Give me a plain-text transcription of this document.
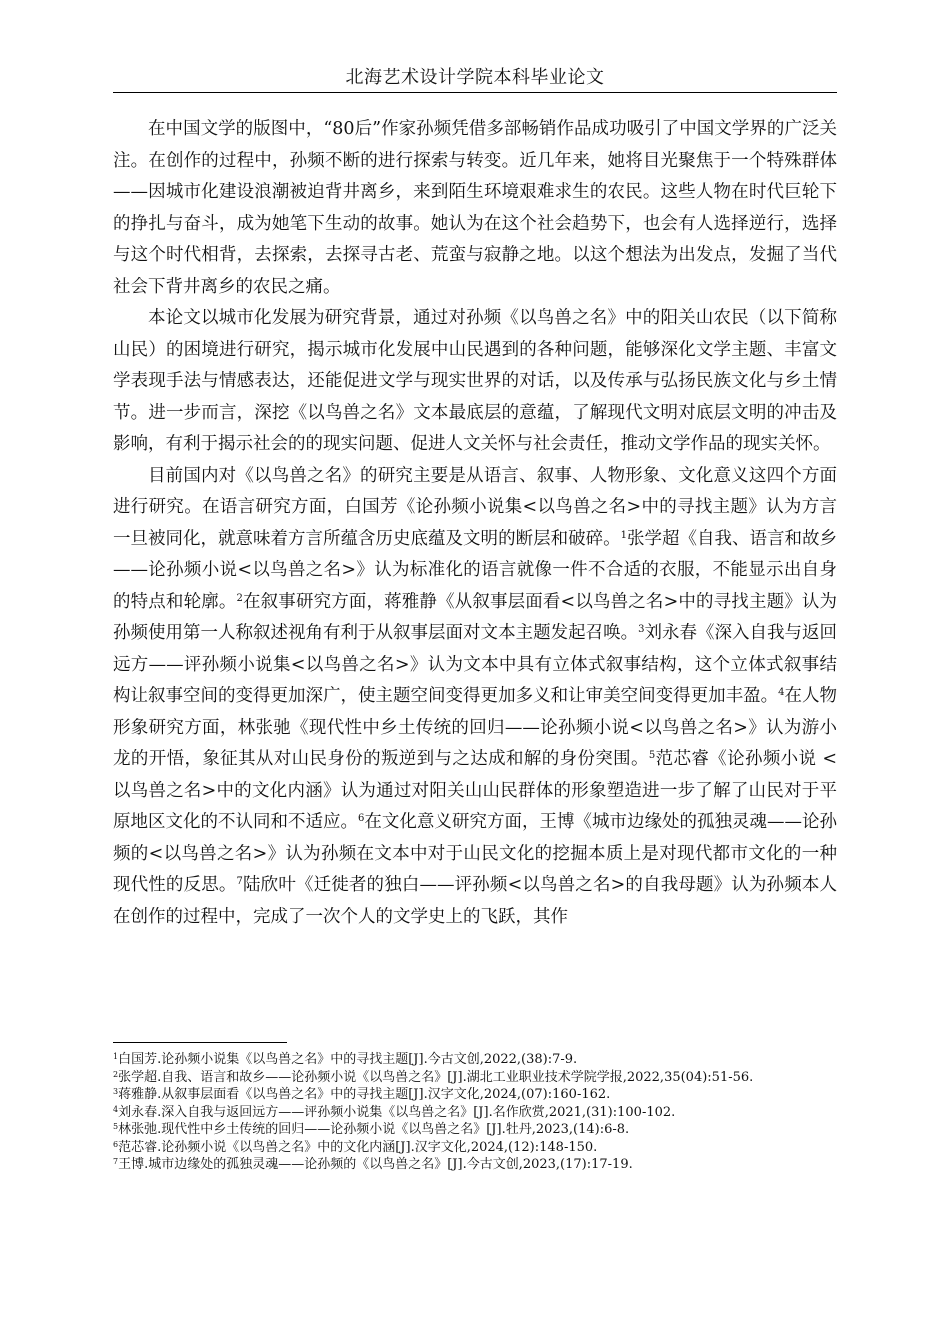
北海艺术设计学院本科毕业论文

在中国文学的版图中，“80后”作家孙频凭借多部畅销作品成功吸引了中国文学界的广泛关注。在创作的过程中，孙频不断的进行探索与转变。近几年来，她将目光聚焦于一个特殊群体——因城市化建设浪潮被迫背井离乡，来到陌生环境艰难求生的农民。这些人物在时代巨轮下的挣扎与奋斗，成为她笔下生动的故事。她认为在这个社会趋势下，也会有人选择逆行，选择与这个时代相背，去探索，去探寻古老、荒蛮与寂静之地。以这个想法为出发点，发掘了当代社会下背井离乡的农民之痛。

本论文以城市化发展为研究背景，通过对孙频《以鸟兽之名》中的阳关山农民（以下简称山民）的困境进行研究，揭示城市化发展中山民遇到的各种问题，能够深化文学主题、丰富文学表现手法与情感表达，还能促进文学与现实世界的对话，以及传承与弘扬民族文化与乡土情节。进一步而言，深挖《以鸟兽之名》文本最底层的意蕴，了解现代文明对底层文明的冲击及影响，有利于揭示社会的的现实问题、促进人文关怀与社会责任，推动文学作品的现实关怀。

目前国内对《以鸟兽之名》的研究主要是从语言、叙事、人物形象、文化意义这四个方面进行研究。在语言研究方面，白国芳《论孙频小说集<以鸟兽之名>中的寻找主题》认为方言一旦被同化，就意味着方言所蕴含历史底蕴及文明的断层和破碎。$^1$张学超《自我、语言和故乡——论孙频小说<以鸟兽之名>》认为标准化的语言就像一件不合适的衣服，不能显示出自身的特点和轮廓。$^2$在叙事研究方面，蒋雅静《从叙事层面看<以鸟兽之名>中的寻找主题》认为孙频使用第一人称叙述视角有利于从叙事层面对文本主题发起召唤。$^3$刘永春《深入自我与返回远方——评孙频小说集<以鸟兽之名>》认为文本中具有立体式叙事结构，这个立体式叙事结构让叙事空间的变得更加深广，使主题空间变得更加多义和让审美空间变得更加丰盈。$^4$在人物形象研究方面，林张驰《现代性中乡土传统的回归——论孙频小说<以鸟兽之名>》认为游小龙的开悟，象征其从对山民身份的叛逆到与之达成和解的身份突围。$^5$范芯睿《论孙频小说 <以鸟兽之名>中的文化内涵》认为通过对阳关山山民群体的形象塑造进一步了解了山民对于平原地区文化的不认同和不适应。$^6$在文化意义研究方面，王博《城市边缘处的孤独灵魂——论孙频的<以鸟兽之名>》认为孙频在文本中对于山民文化的挖掘本质上是对现代都市文化的一种现代性的反思。$^7$陆欣叶《迁徙者的独白——评孙频<以鸟兽之名>的自我母题》认为孙频本人在创作的过程中，完成了一次个人的文学史上的飞跃，其作

$^1$白国芳.论孙频小说集《以鸟兽之名》中的寻找主题[J].今古文创,2022,(38):7-9.

$^2$张学超.自我、语言和故乡——论孙频小说《以鸟兽之名》[J].湖北工业职业技术学院学报,2022,35(04):51-56.

$^3$蒋雅静.从叙事层面看《以鸟兽之名》中的寻找主题[J].汉字文化,2024,(07):160-162.

$^4$刘永春.深入自我与返回远方——评孙频小说集《以鸟兽之名》[J].名作欣赏,2021,(31):100-102.

$^5$林张弛.现代性中乡土传统的回归——论孙频小说《以鸟兽之名》[J].牡丹,2023,(14):6-8.

$^6$范芯睿.论孙频小说《以鸟兽之名》中的文化内涵[J].汉字文化,2024,(12):148-150.

$^7$王博.城市边缘处的孤独灵魂——论孙频的《以鸟兽之名》[J].今古文创,2023,(17):17-19.
